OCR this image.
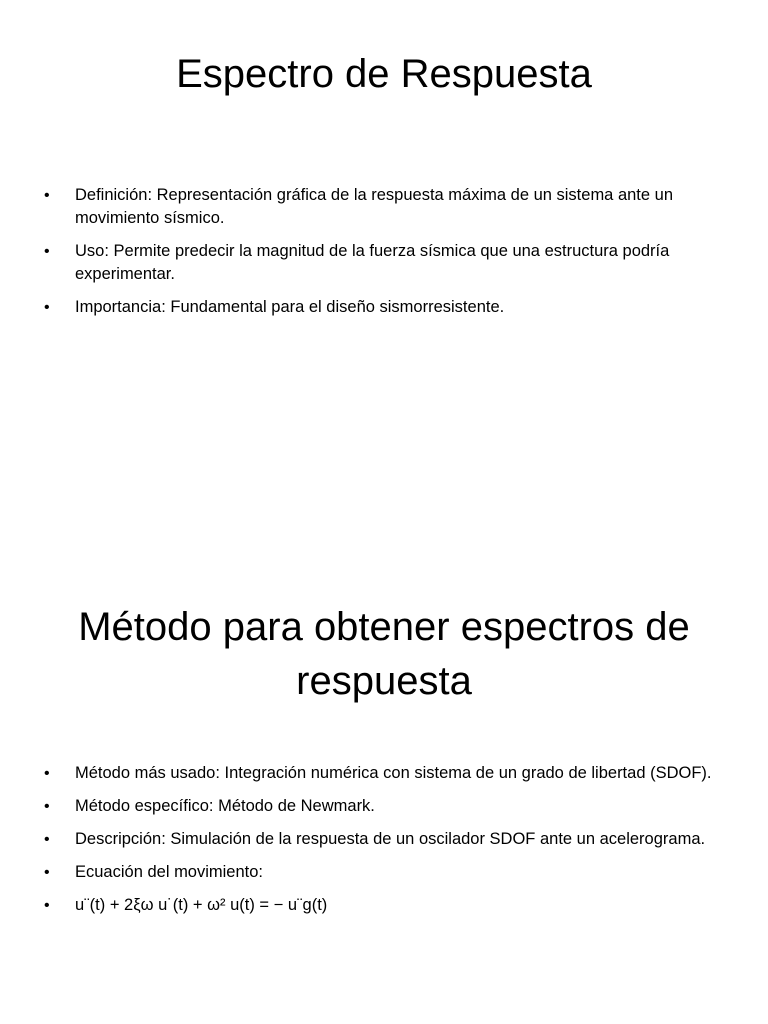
Espectro de Respuesta
• Definición: Representación gráfica de la respuesta máxima de un sistema ante un movimiento sísmico.
• Uso: Permite predecir la magnitud de la fuerza sísmica que una estructura podría experimentar.
• Importancia: Fundamental para el diseño sismorresistente.
Método para obtener espectros de
respuesta
• Método más usado: Integración numérica con sistema de un grado de libertad (SDOF).
• Método específico: Método de Newmark.
• Descripción: Simulación de la respuesta de un oscilador SDOF ante un acelerograma.
• Ecuación del movimiento:
• u¨(t) + 2ξω u˙(t) + ω² u(t) = − u¨g(t)
